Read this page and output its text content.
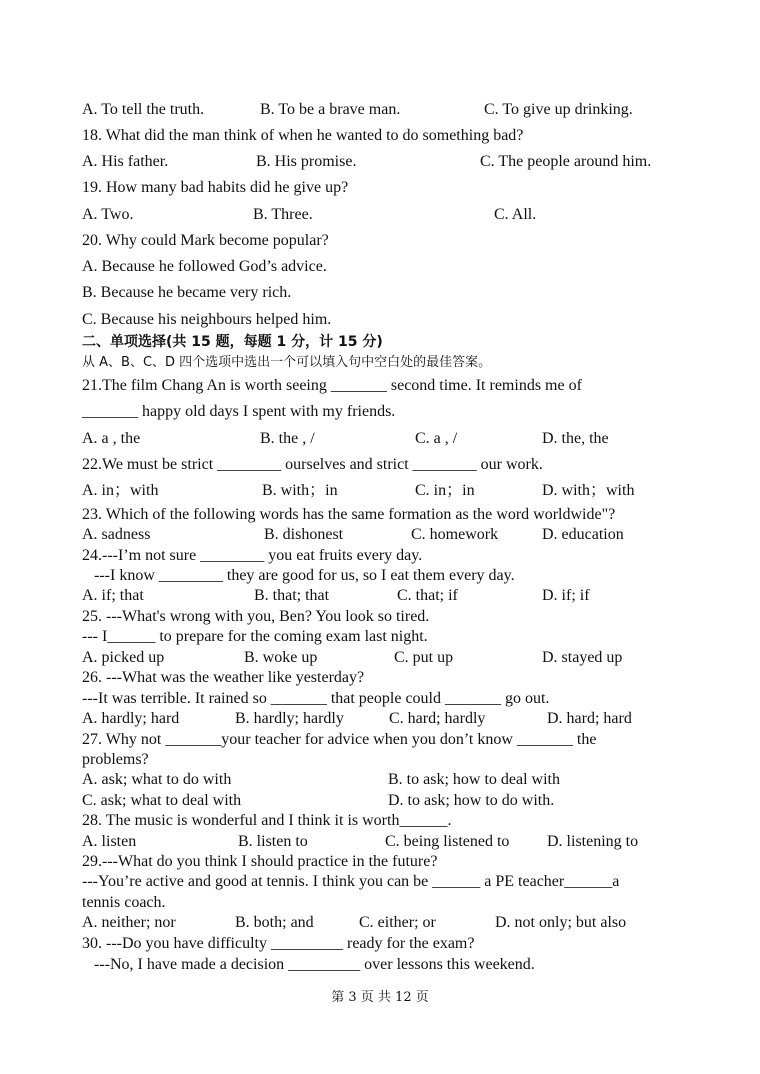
A. To tell the truth.	B. To be a brave man.	C. To give up drinking.
18. What did the man think of when he wanted to do something bad?
A. His father.	B. His promise.	C. The people around him.
19. How many bad habits did he give up?
A. Two.	B. Three.	C. All.
20. Why could Mark become popular?
A. Because he followed God’s advice.
B. Because he became very rich.
C. Because his neighbours helped him.
二、单项选择(共 15 题，每题 1 分，计 15 分)
从 A、B、C、D 四个选项中选出一个可以填入句中空白处的最佳答案。
21.The film Chang An is worth seeing _______ second time. It reminds me of
_______ happy old days I spent with my friends.
A. a , the	B. the , /	C. a , /	D. the, the
22.We must be strict ________ ourselves and strict ________ our work.
A. in；with	B. with；in	C. in；in	D. with；with
23. Which of the following words has the same formation as the word worldwide"?
A. sadness	B. dishonest	C. homework	D. education
24.---I’m not sure ________ you eat fruits every day.
---I know ________ they are good for us, so I eat them every day.
A. if; that	B. that; that	C. that; if	D. if; if
25. ---What's wrong with you, Ben? You look so tired.
--- I______ to prepare for the coming exam last night.
A. picked up	B. woke up	C. put up	D. stayed up
26. ---What was the weather like yesterday?
---It was terrible. It rained so _______ that people could _______ go out.
A. hardly; hard	B. hardly; hardly	C. hard; hardly	D. hard; hard
27. Why not _______your teacher for advice when you don’t know _______ the
problems?
A. ask; what to do with	B. to ask; how to deal with
C. ask; what to deal with	D. to ask; how to do with.
28. The music is wonderful and I think it is worth______.
A. listen	B. listen to	C. being listened to D. listening to
29.---What do you think I should practice in the future?
---You’re active and good at tennis. I think you can be ______ a PE teacher______a
tennis coach.
A. neither; nor	B. both; and	C. either; or	D. not only; but also
30. ---Do you have difficulty _________ ready for the exam?
---No, I have made a decision _________ over lessons this weekend.
第 3 页 共 12 页
